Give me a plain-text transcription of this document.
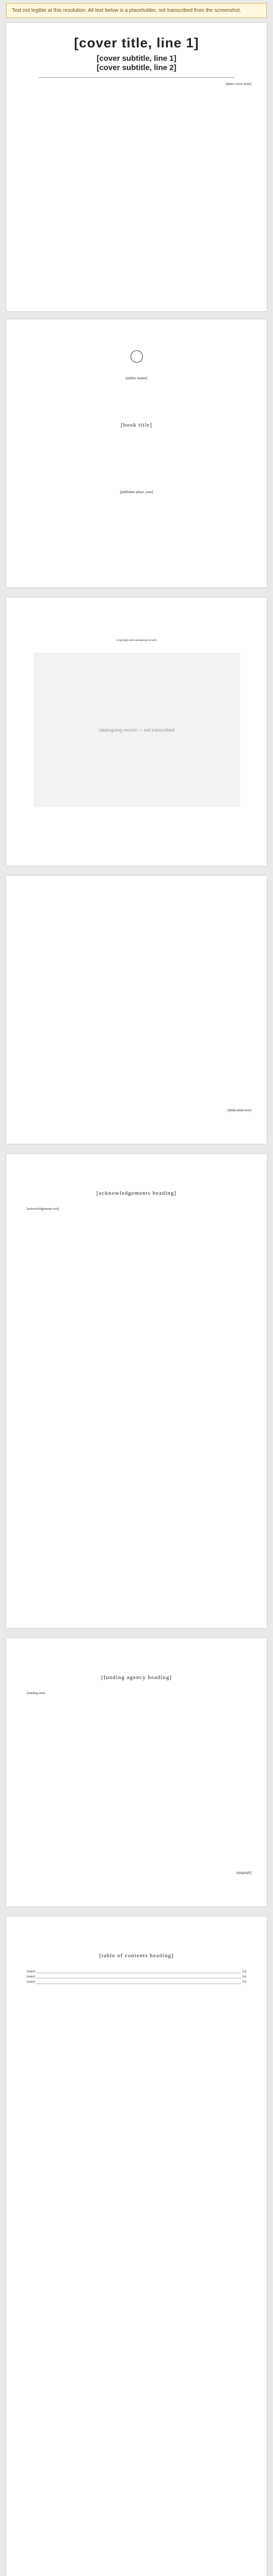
Text not legible at this resolution. All text below is a placeholder, not transcribed from the screenshot.
[cover title, line 1]
[cover subtitle, line 1]
[cover subtitle, line 2]
[short cover note]
[author names]
[book title]
[publisher, place, year]
[copyright and cataloguing record]
cataloguing record — not transcribed
[dedication text]
[acknowledgements heading]
[acknowledgements text]
[funding agency heading]
[funding note]
[epigraph]
[table of contents heading]
[entry]	[n]
[entry]	[n]
[entry]	[n]
